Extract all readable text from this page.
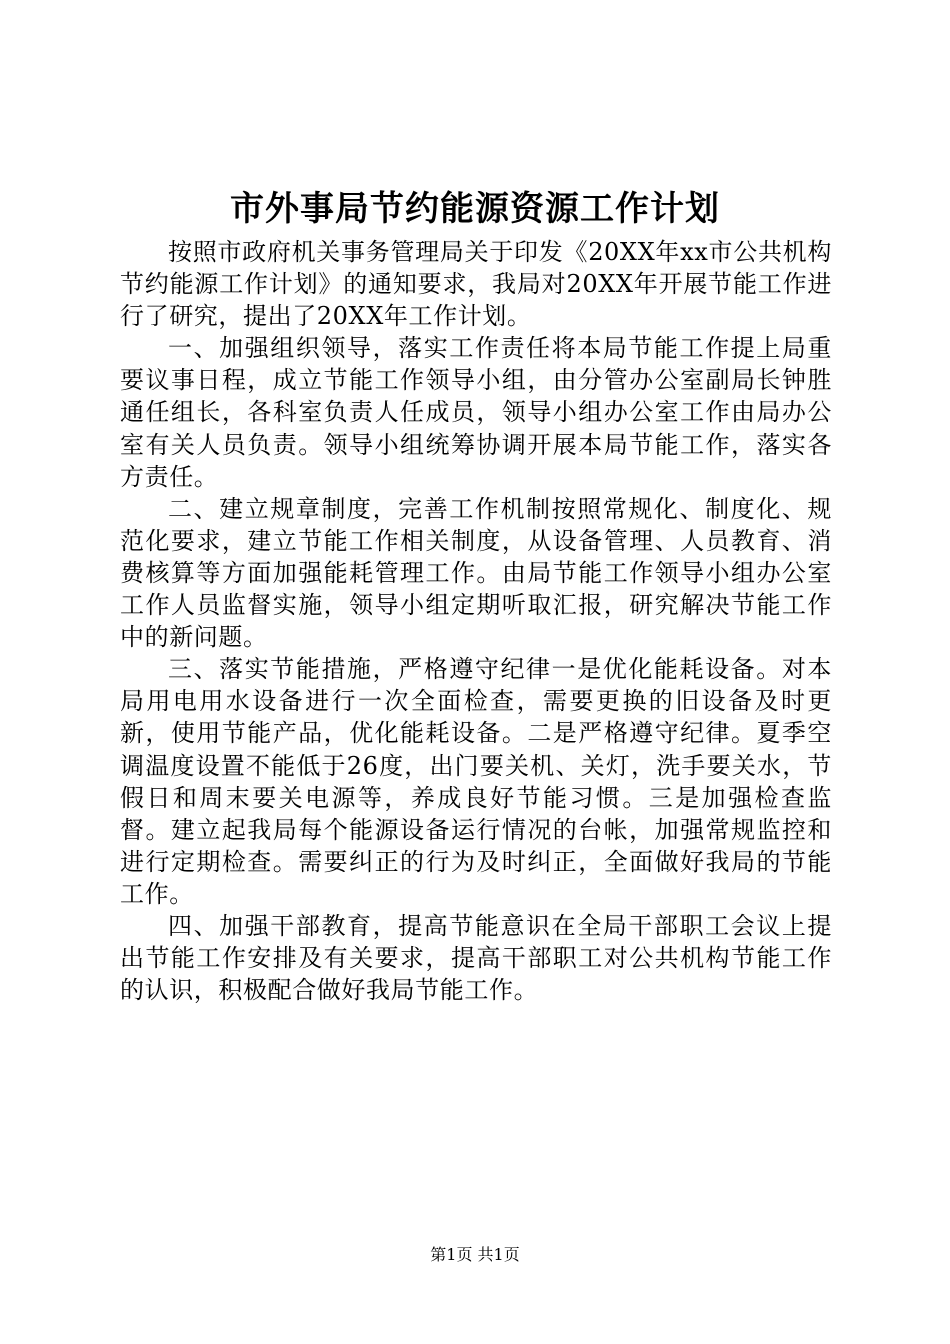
市外事局节约能源资源工作计划

按照市政府机关事务管理局关于印发《20XX年xx市公共机构节约能源工作计划》的通知要求，我局对20XX年开展节能工作进行了研究，提出了20XX年工作计划。

一、加强组织领导，落实工作责任将本局节能工作提上局重要议事日程，成立节能工作领导小组，由分管办公室副局长钟胜通任组长，各科室负责人任成员，领导小组办公室工作由局办公室有关人员负责。领导小组统筹协调开展本局节能工作，落实各方责任。

二、建立规章制度，完善工作机制按照常规化、制度化、规范化要求，建立节能工作相关制度，从设备管理、人员教育、消费核算等方面加强能耗管理工作。由局节能工作领导小组办公室工作人员监督实施，领导小组定期听取汇报，研究解决节能工作中的新问题。

三、落实节能措施，严格遵守纪律一是优化能耗设备。对本局用电用水设备进行一次全面检查，需要更换的旧设备及时更新，使用节能产品，优化能耗设备。二是严格遵守纪律。夏季空调温度设置不能低于26度，出门要关机、关灯，洗手要关水，节假日和周末要关电源等，养成良好节能习惯。三是加强检查监督。建立起我局每个能源设备运行情况的台帐，加强常规监控和进行定期检查。需要纠正的行为及时纠正，全面做好我局的节能工作。

四、加强干部教育，提高节能意识在全局干部职工会议上提出节能工作安排及有关要求，提高干部职工对公共机构节能工作的认识，积极配合做好我局节能工作。

第1页 共1页
